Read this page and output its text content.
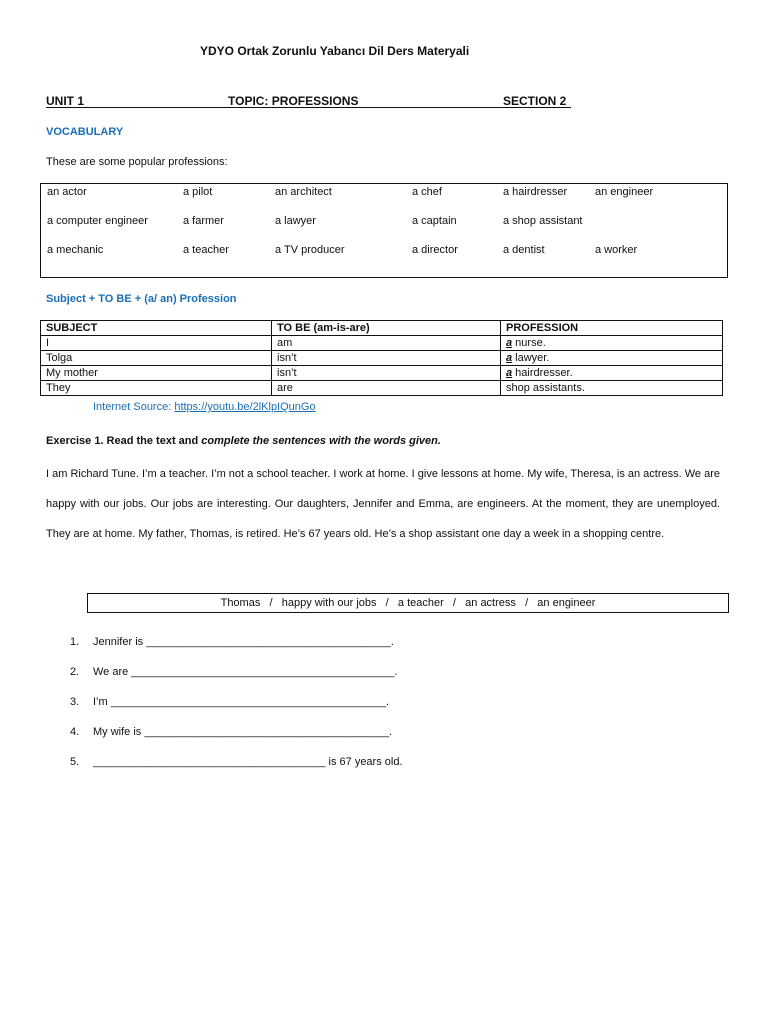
YDYO Ortak Zorunlu Yabancı Dil Ders Materyali
UNIT 1	TOPIC: PROFESSIONS	SECTION 2
VOCABULARY
These are some popular professions:
an actor	a pilot	an architect	a chef	a hairdresser	an engineer
a computer engineer	a farmer	a lawyer	a captain	a shop assistant
a mechanic	a teacher	a TV producer	a director	a dentist	a worker
Subject + TO BE + (a/ an) Profession
SUBJECT	TO BE (am-is-are)	PROFESSION
I	am	a nurse.
Tolga	isn’t	a lawyer.
My mother	isn’t	a hairdresser.
They	are	shop assistants.
Internet Source: https://youtu.be/2lKlpIQunGo
Exercise 1. Read the text and complete the sentences with the words given.
I am Richard Tune. I’m a teacher. I’m not a school teacher. I work at home. I give lessons at home. My wife, Theresa, is an actress. We are happy with our jobs. Our jobs are interesting. Our daughters, Jennifer and Emma, are engineers. At the moment, they are unemployed. They are at home. My father, Thomas, is retired. He’s 67 years old. He’s a shop assistant one day a week in a shopping centre.
Thomas   /   happy with our jobs   /   a teacher   /   an actress   /   an engineer
1. Jennifer is ________________________________________.
2. We are ___________________________________________.
3. I’m _____________________________________________.
4. My wife is ________________________________________.
5. ______________________________________ is 67 years old.
